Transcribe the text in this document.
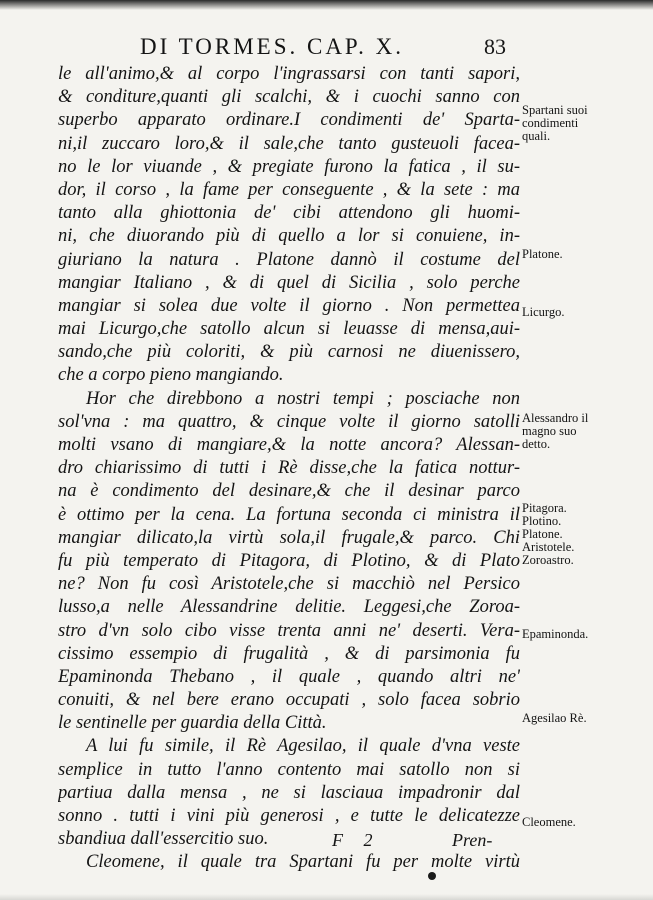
DI TORMES. CAP. X.	83
le all'animo,& al corpo l'ingrassarsi con tanti sapori,
& conditure,quanti gli scalchi, & i cuochi sanno con
superbo apparato ordinare.I condimenti de' Sparta-
ni,il zuccaro loro,& il sale,che tanto gusteuoli facea-
no le lor viuande , & pregiate furono la fatica , il su-
dor, il corso , la fame per conseguente , & la sete : ma
tanto alla ghiottonia de' cibi attendono gli huomi-
ni, che diuorando più di quello a lor si conuiene, in-
giuriano la natura . Platone dannò il costume del
mangiar Italiano , & di quel di Sicilia , solo perche
mangiar si solea due volte il giorno . Non permettea
mai Licurgo,che satollo alcun si leuasse di mensa,aui-
sando,che più coloriti, & più carnosi ne diuenissero,
che a corpo pieno mangiando.
Hor che direbbono a nostri tempi ; posciache non
sol'vna : ma quattro, & cinque volte il giorno satolli
molti vsano di mangiare,& la notte ancora? Alessan-
dro chiarissimo di tutti i Rè disse,che la fatica nottur-
na è condimento del desinare,& che il desinar parco
è ottimo per la cena. La fortuna seconda ci ministra il
mangiar dilicato,la virtù sola,il frugale,& parco. Chi
fu più temperato di Pitagora, di Plotino, & di Plato
ne? Non fu così Aristotele,che si macchiò nel Persico
lusso,a nelle Alessandrine delitie. Leggesi,che Zoroa-
stro d'vn solo cibo visse trenta anni ne' deserti. Vera-
cissimo essempio di frugalità , & di parsimonia fu
Epaminonda Thebano , il quale , quando altri ne'
conuiti, & nel bere erano occupati , solo facea sobrio
le sentinelle per guardia della Città.
A lui fu simile, il Rè Agesilao, il quale d'vna veste
semplice in tutto l'anno contento mai satollo non si
partiua dalla mensa , ne si lasciaua impadronir dal
sonno . tutti i vini più generosi , e tutte le delicatezze
sbandiua dall'essercitio suo.
Cleomene, il quale tra Spartani fu per molte virtù
Spartani suoi
condimenti
quali.
Platone.
Licurgo.
Alessandro il
magno suo
detto.
Pitagora.
Plotino.
Platone.
Aristotele.
Zoroastro.
Epaminonda.
Agesilao Rè.
Cleomene.
F 2	Pren-
